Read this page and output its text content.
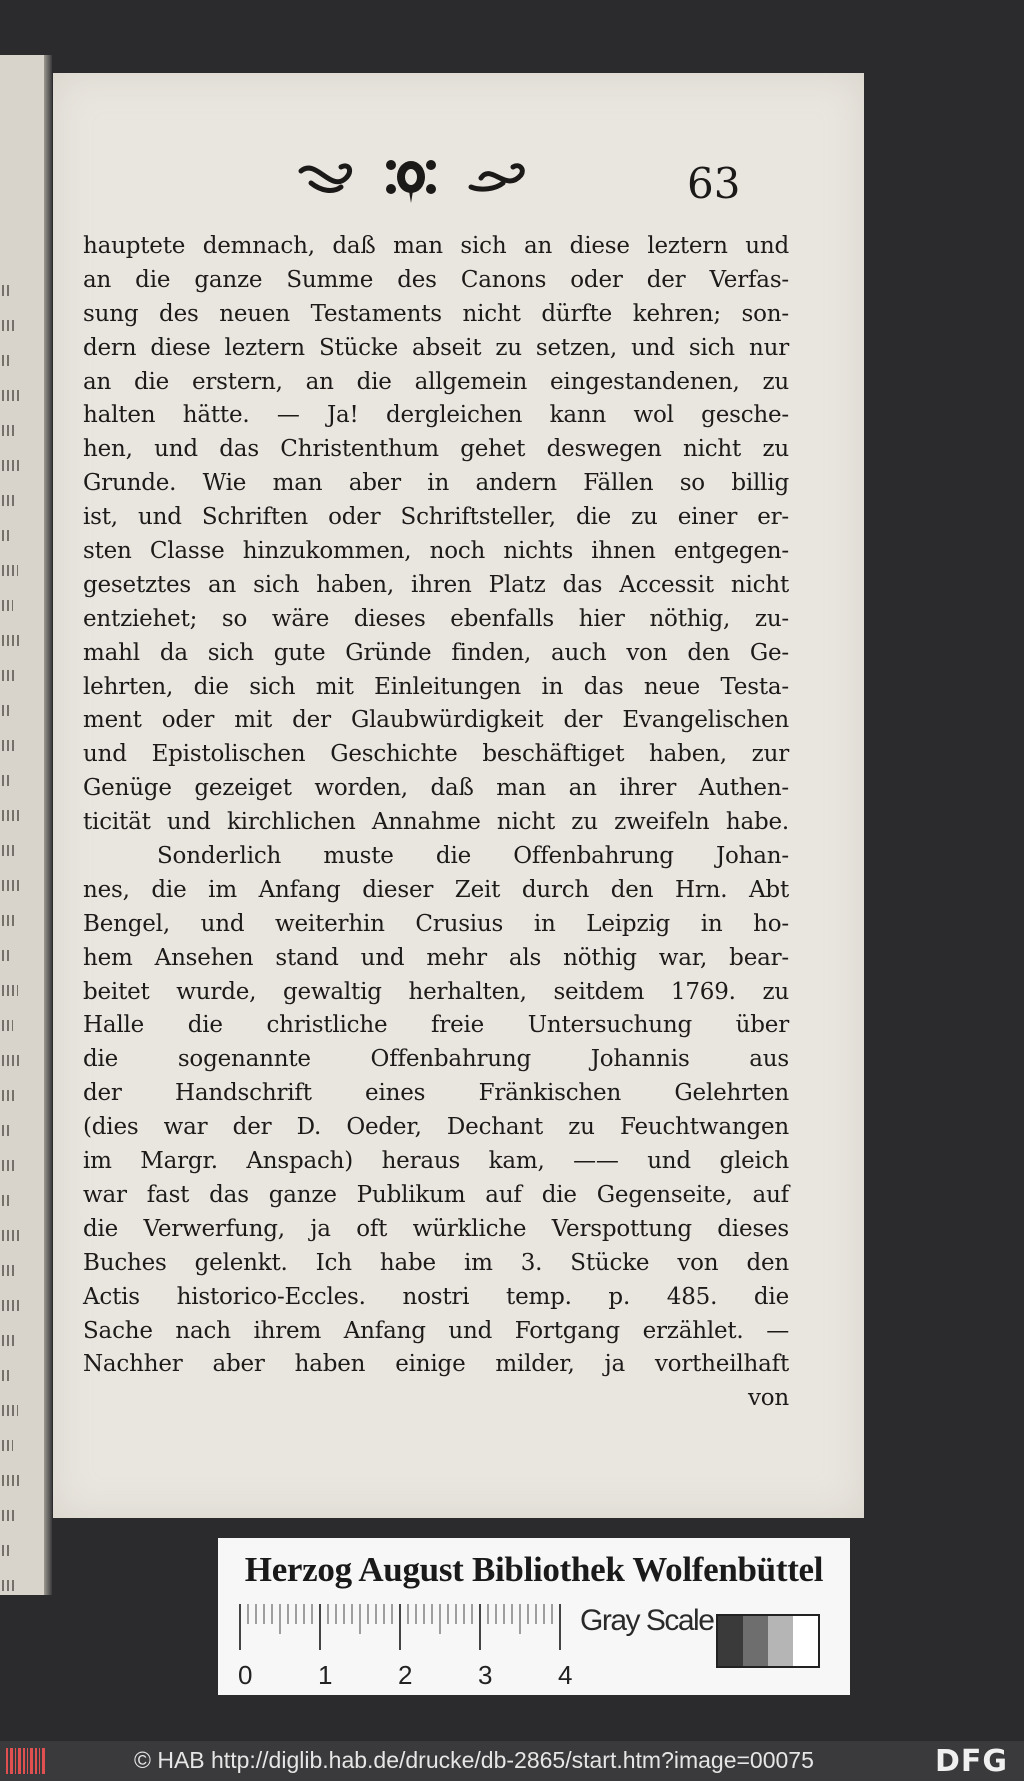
63
hauptete demnach, daß man sich an diese leztern und
an die ganze Summe des Canons oder der Verfas-
sung des neuen Testaments nicht dürfte kehren; son-
dern diese leztern Stücke abseit zu setzen, und sich nur
an die erstern, an die allgemein eingestandenen, zu
halten hätte. — Ja! dergleichen kann wol gesche-
hen, und das Christenthum gehet deswegen nicht zu
Grunde. Wie man aber in andern Fällen so billig
ist, und Schriften oder Schriftsteller, die zu einer er-
sten Classe hinzukommen, noch nichts ihnen entgegen-
gesetztes an sich haben, ihren Platz das Accessit nicht
entziehet; so wäre dieses ebenfalls hier nöthig, zu-
mahl da sich gute Gründe finden, auch von den Ge-
lehrten, die sich mit Einleitungen in das neue Testa-
ment oder mit der Glaubwürdigkeit der Evangelischen
und Epistolischen Geschichte beschäftiget haben, zur
Genüge gezeiget worden, daß man an ihrer Authen-
ticität und kirchlichen Annahme nicht zu zweifeln habe.
Sonderlich muste die Offenbahrung Johan-
nes, die im Anfang dieser Zeit durch den Hrn. Abt
Bengel, und weiterhin Crusius in Leipzig in ho-
hem Ansehen stand und mehr als nöthig war, bear-
beitet wurde, gewaltig herhalten, seitdem 1769. zu
Halle die christliche freie Untersuchung über
die sogenannte Offenbahrung Johannis aus
der Handschrift eines Fränkischen Gelehrten
(dies war der D. Oeder, Dechant zu Feuchtwangen
im Margr. Anspach) heraus kam, —— und gleich
war fast das ganze Publikum auf die Gegenseite, auf
die Verwerfung, ja oft würkliche Verspottung dieses
Buches gelenkt. Ich habe im 3. Stücke von den
Actis historico-Eccles. nostri temp. p. 485. die
Sache nach ihrem Anfang und Fortgang erzählet. —
Nachher aber haben einige milder, ja vortheilhaft
von
Herzog August Bibliothek Wolfenbüttel
0	1	2	3	4
Gray Scale
© HAB http://diglib.hab.de/drucke/db-2865/start.htm?image=00075	DFG
